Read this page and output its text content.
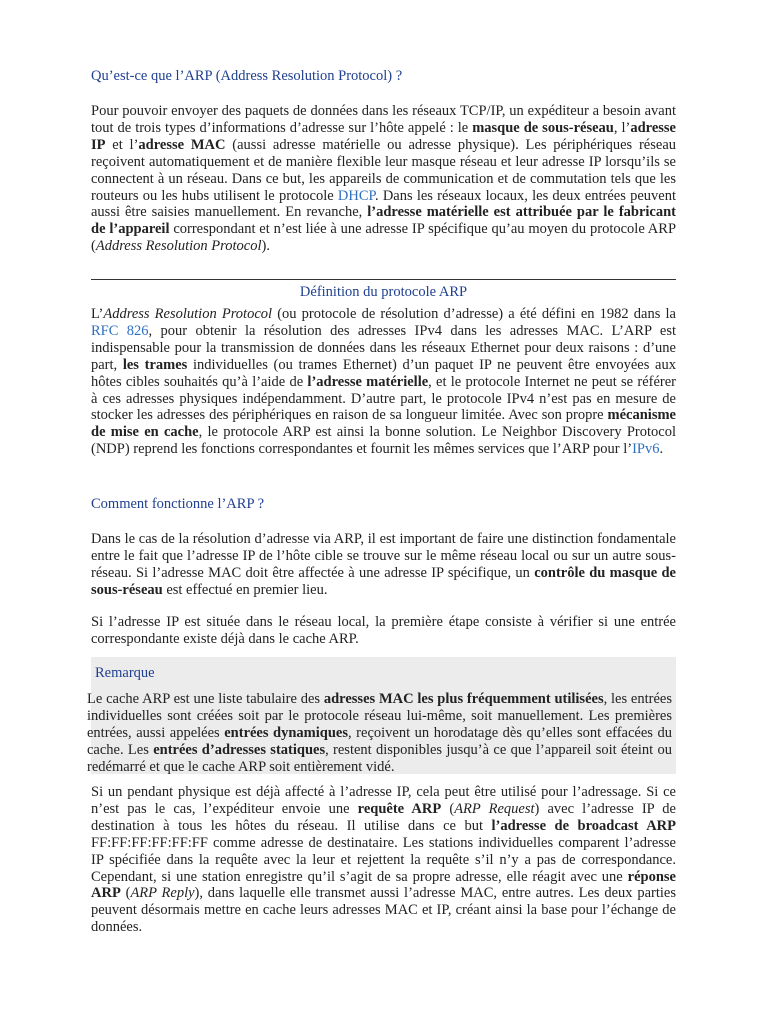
Qu’est-ce que l’ARP (Address Resolution Protocol) ?

Pour pouvoir envoyer des paquets de données dans les réseaux TCP/IP, un expéditeur a besoin avant tout de trois types d’informations d’adresse sur l’hôte appelé : le masque de sous-réseau, l’adresse IP et l’adresse MAC (aussi adresse matérielle ou adresse physique). Les périphériques réseau reçoivent automatiquement et de manière flexible leur masque réseau et leur adresse IP lorsqu’ils se connectent à un réseau. Dans ce but, les appareils de communication et de commutation tels que les routeurs ou les hubs utilisent le protocole DHCP. Dans les réseaux locaux, les deux entrées peuvent aussi être saisies manuellement. En revanche, l’adresse matérielle est attribuée par le fabricant de l’appareil correspondant et n’est liée à une adresse IP spécifique qu’au moyen du protocole ARP (Address Resolution Protocol).

Définition du protocole ARP

L’Address Resolution Protocol (ou protocole de résolution d’adresse) a été défini en 1982 dans la RFC 826, pour obtenir la résolution des adresses IPv4 dans les adresses MAC. L’ARP est indispensable pour la transmission de données dans les réseaux Ethernet pour deux raisons : d’une part, les trames individuelles (ou trames Ethernet) d’un paquet IP ne peuvent être envoyées aux hôtes cibles souhaités qu’à l’aide de l’adresse matérielle, et le protocole Internet ne peut se référer à ces adresses physiques indépendamment. D’autre part, le protocole IPv4 n’est pas en mesure de stocker les adresses des périphériques en raison de sa longueur limitée. Avec son propre mécanisme de mise en cache, le protocole ARP est ainsi la bonne solution. Le Neighbor Discovery Protocol (NDP) reprend les fonctions correspondantes et fournit les mêmes services que l’ARP pour l’IPv6.

Comment fonctionne l’ARP ?

Dans le cas de la résolution d’adresse via ARP, il est important de faire une distinction fondamentale entre le fait que l’adresse IP de l’hôte cible se trouve sur le même réseau local ou sur un autre sous-réseau. Si l’adresse MAC doit être affectée à une adresse IP spécifique, un contrôle du masque de sous-réseau est effectué en premier lieu.

Si l’adresse IP est située dans le réseau local, la première étape consiste à vérifier si une entrée correspondante existe déjà dans le cache ARP.

Remarque

Le cache ARP est une liste tabulaire des adresses MAC les plus fréquemment utilisées, les entrées individuelles sont créées soit par le protocole réseau lui-même, soit manuellement. Les premières entrées, aussi appelées entrées dynamiques, reçoivent un horodatage dès qu’elles sont effacées du cache. Les entrées d’adresses statiques, restent disponibles jusqu’à ce que l’appareil soit éteint ou redémarré et que le cache ARP soit entièrement vidé.

Si un pendant physique est déjà affecté à l’adresse IP, cela peut être utilisé pour l’adressage. Si ce n’est pas le cas, l’expéditeur envoie une requête ARP (ARP Request) avec l’adresse IP de destination à tous les hôtes du réseau. Il utilise dans ce but l’adresse de broadcast ARP FF:FF:FF:FF:FF:FF comme adresse de destinataire. Les stations individuelles comparent l’adresse IP spécifiée dans la requête avec la leur et rejettent la requête s’il n’y a pas de correspondance. Cependant, si une station enregistre qu’il s’agit de sa propre adresse, elle réagit avec une réponse ARP (ARP Reply), dans laquelle elle transmet aussi l’adresse MAC, entre autres. Les deux parties peuvent désormais mettre en cache leurs adresses MAC et IP, créant ainsi la base pour l’échange de données.
